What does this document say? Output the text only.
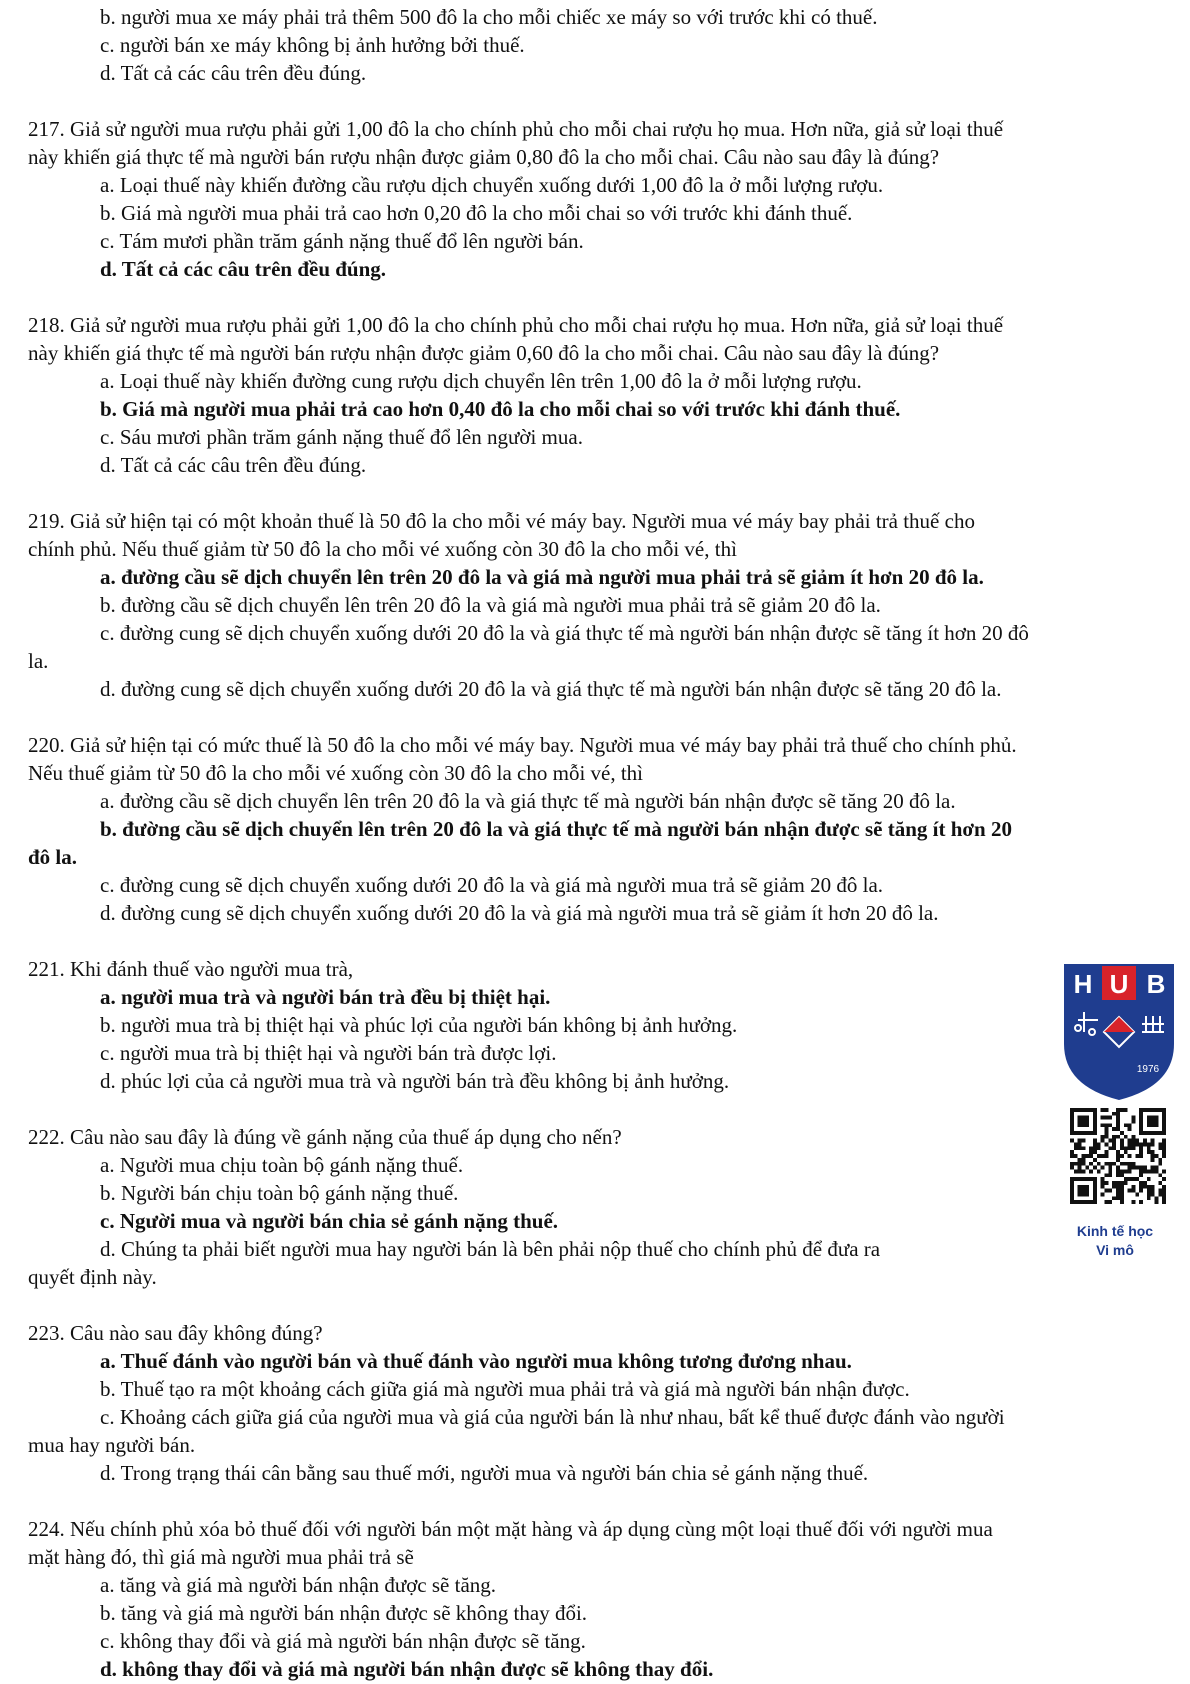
b. người mua xe máy phải trả thêm 500 đô la cho mỗi chiếc xe máy so với trước khi có thuế.
c. người bán xe máy không bị ảnh hưởng bởi thuế.
d. Tất cả các câu trên đều đúng.
217. Giả sử người mua rượu phải gửi 1,00 đô la cho chính phủ cho mỗi chai rượu họ mua. Hơn nữa, giả sử loại thuế
này khiến giá thực tế mà người bán rượu nhận được giảm 0,80 đô la cho mỗi chai. Câu nào sau đây là đúng?
a. Loại thuế này khiến đường cầu rượu dịch chuyển xuống dưới 1,00 đô la ở mỗi lượng rượu.
b. Giá mà người mua phải trả cao hơn 0,20 đô la cho mỗi chai so với trước khi đánh thuế.
c. Tám mươi phần trăm gánh nặng thuế đổ lên người bán.
d. Tất cả các câu trên đều đúng.
218. Giả sử người mua rượu phải gửi 1,00 đô la cho chính phủ cho mỗi chai rượu họ mua. Hơn nữa, giả sử loại thuế
này khiến giá thực tế mà người bán rượu nhận được giảm 0,60 đô la cho mỗi chai. Câu nào sau đây là đúng?
a. Loại thuế này khiến đường cung rượu dịch chuyển lên trên 1,00 đô la ở mỗi lượng rượu.
b. Giá mà người mua phải trả cao hơn 0,40 đô la cho mỗi chai so với trước khi đánh thuế.
c. Sáu mươi phần trăm gánh nặng thuế đổ lên người mua.
d. Tất cả các câu trên đều đúng.
219. Giả sử hiện tại có một khoản thuế là 50 đô la cho mỗi vé máy bay. Người mua vé máy bay phải trả thuế cho
chính phủ. Nếu thuế giảm từ 50 đô la cho mỗi vé xuống còn 30 đô la cho mỗi vé, thì
a. đường cầu sẽ dịch chuyển lên trên 20 đô la và giá mà người mua phải trả sẽ giảm ít hơn 20 đô la.
b. đường cầu sẽ dịch chuyển lên trên 20 đô la và giá mà người mua phải trả sẽ giảm 20 đô la.
c. đường cung sẽ dịch chuyển xuống dưới 20 đô la và giá thực tế mà người bán nhận được sẽ tăng ít hơn 20 đô
la.
d. đường cung sẽ dịch chuyển xuống dưới 20 đô la và giá thực tế mà người bán nhận được sẽ tăng 20 đô la.
220. Giả sử hiện tại có mức thuế là 50 đô la cho mỗi vé máy bay. Người mua vé máy bay phải trả thuế cho chính phủ.
Nếu thuế giảm từ 50 đô la cho mỗi vé xuống còn 30 đô la cho mỗi vé, thì
a. đường cầu sẽ dịch chuyển lên trên 20 đô la và giá thực tế mà người bán nhận được sẽ tăng 20 đô la.
b. đường cầu sẽ dịch chuyển lên trên 20 đô la và giá thực tế mà người bán nhận được sẽ tăng ít hơn 20
đô la.
c. đường cung sẽ dịch chuyển xuống dưới 20 đô la và giá mà người mua trả sẽ giảm 20 đô la.
d. đường cung sẽ dịch chuyển xuống dưới 20 đô la và giá mà người mua trả sẽ giảm ít hơn 20 đô la.
221. Khi đánh thuế vào người mua trà,
a. người mua trà và người bán trà đều bị thiệt hại.
b. người mua trà bị thiệt hại và phúc lợi của người bán không bị ảnh hưởng.
c. người mua trà bị thiệt hại và người bán trà được lợi.
d. phúc lợi của cả người mua trà và người bán trà đều không bị ảnh hưởng.
222. Câu nào sau đây là đúng về gánh nặng của thuế áp dụng cho nến?
a. Người mua chịu toàn bộ gánh nặng thuế.
b. Người bán chịu toàn bộ gánh nặng thuế.
c. Người mua và người bán chia sẻ gánh nặng thuế.
d. Chúng ta phải biết người mua hay người bán là bên phải nộp thuế cho chính phủ để đưa ra
quyết định này.
223. Câu nào sau đây không đúng?
a. Thuế đánh vào người bán và thuế đánh vào người mua không tương đương nhau.
b. Thuế tạo ra một khoảng cách giữa giá mà người mua phải trả và giá mà người bán nhận được.
c. Khoảng cách giữa giá của người mua và giá của người bán là như nhau, bất kể thuế được đánh vào người
mua hay người bán.
d. Trong trạng thái cân bằng sau thuế mới, người mua và người bán chia sẻ gánh nặng thuế.
224. Nếu chính phủ xóa bỏ thuế đối với người bán một mặt hàng và áp dụng cùng một loại thuế đối với người mua
mặt hàng đó, thì giá mà người mua phải trả sẽ
a. tăng và giá mà người bán nhận được sẽ tăng.
b. tăng và giá mà người bán nhận được sẽ không thay đổi.
c. không thay đổi và giá mà người bán nhận được sẽ tăng.
d. không thay đổi và giá mà người bán nhận được sẽ không thay đổi.
H U B
1976
Kinh tế học
Vi mô
